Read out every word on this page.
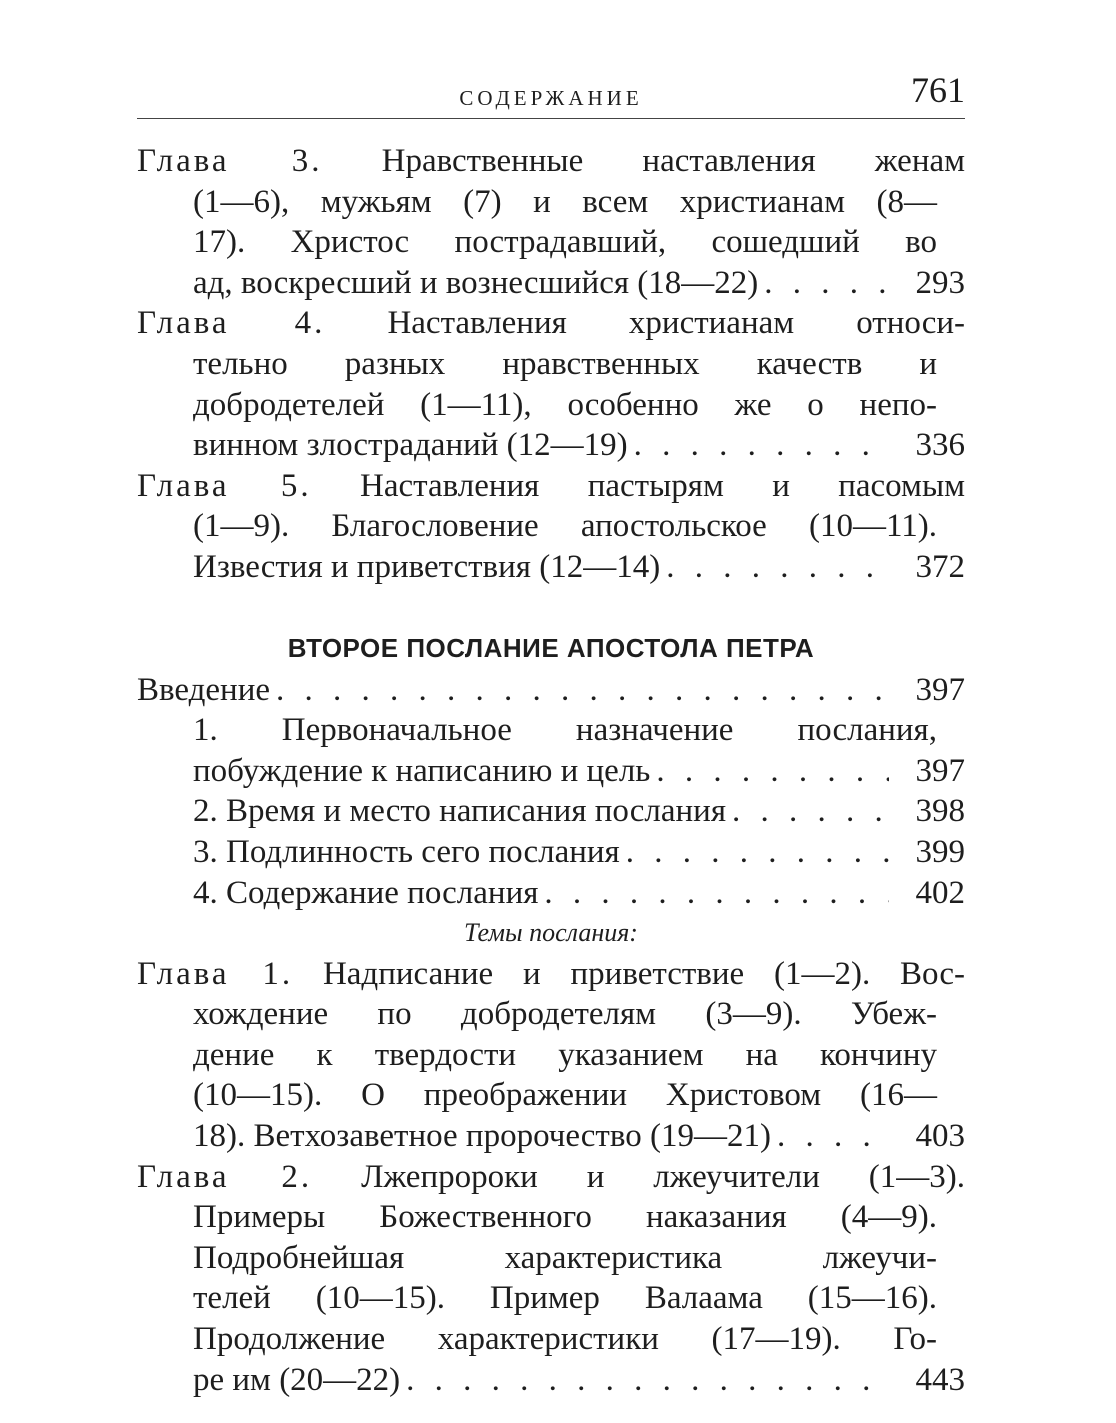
СОДЕРЖАНИЕ	761
Глава 3. Нравственные наставления женам
(1—6), мужьям (7) и всем христианам (8—
17). Христос пострадавший, сошедший во
ад, воскресший и вознесшийся (18—22) . . .	293
Глава 4. Наставления христианам относи-
тельно разных нравственных качеств и
добродетелей (1—11), особенно же о непо-
винном злостраданий (12—19) . . .	336
Глава 5. Наставления пастырям и пасомым
(1—9). Благословение апостольское (10—11).
Известия и приветствия (12—14) . . .	372
ВТОРОЕ ПОСЛАНИЕ АПОСТОЛА ПЕТРА
Введение . . .	397
1. Первоначальное назначение послания,
побуждение к написанию и цель . . .	397
2. Время и место написания послания . . .	398
3. Подлинность сего послания . . .	399
4. Содержание послания . . .	402
Темы послания:
Глава 1. Надписание и приветствие (1—2). Вос-
хождение по добродетелям (3—9). Убеж-
дение к твердости указанием на кончину
(10—15). О преображении Христовом (16—
18). Ветхозаветное пророчество (19—21) . . .	403
Глава 2. Лжепророки и лжеучители (1—3).
Примеры Божественного наказания (4—9).
Подробнейшая характеристика лжеучи-
телей (10—15). Пример Валаама (15—16).
Продолжение характеристики (17—19). Го-
ре им (20—22) . . .	443
